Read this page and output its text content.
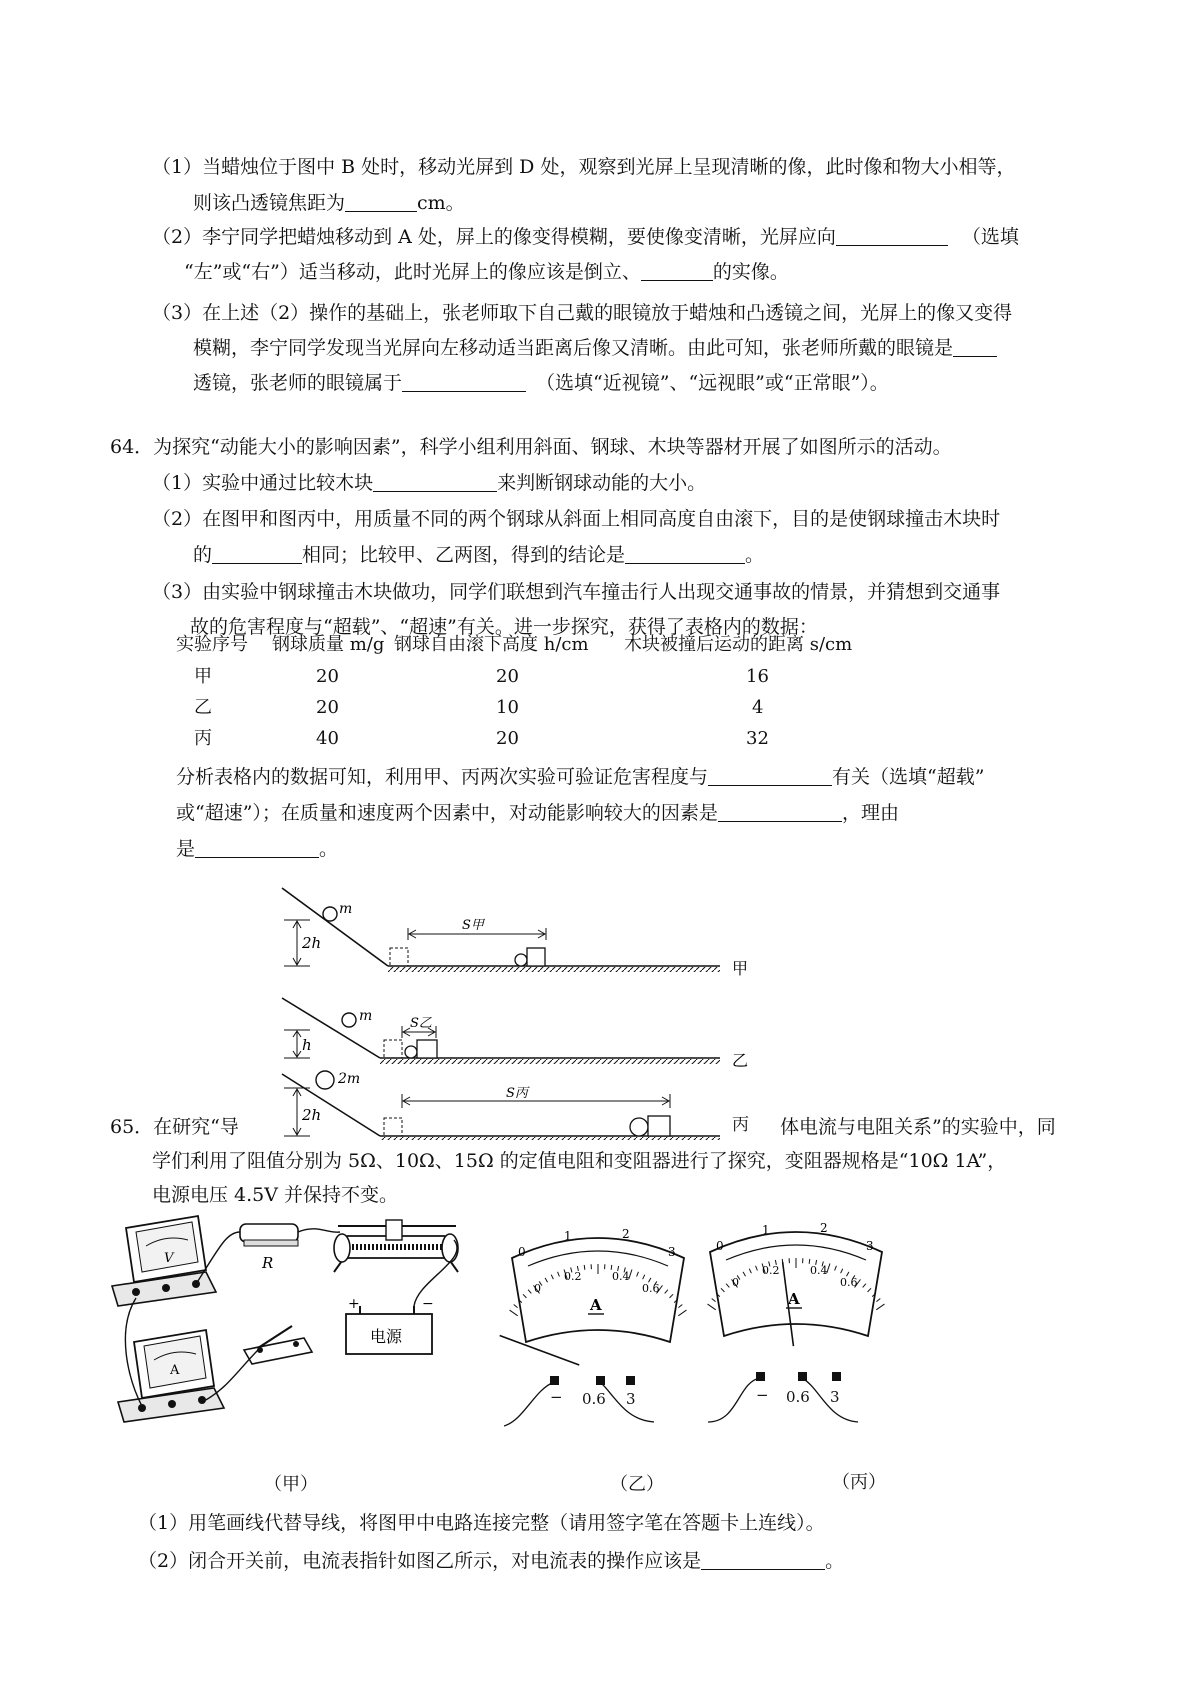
（1）当蜡烛位于图中 B 处时，移动光屏到 D 处，观察到光屏上呈现清晰的像，此时像和物大小相等，
则该凸透镜焦距为	cm。
（2）李宁同学把蜡烛移动到 A 处，屏上的像变得模糊，要使像变清晰，光屏应向	（选填
“左”或“右”）适当移动，此时光屏上的像应该是倒立、	的实像。
（3）在上述（2）操作的基础上，张老师取下自己戴的眼镜放于蜡烛和凸透镜之间，光屏上的像又变得
模糊，李宁同学发现当光屏向左移动适当距离后像又清晰。由此可知，张老师所戴的眼镜是
透镜，张老师的眼镜属于	（选填“近视镜”、“远视眼”或“正常眼”）。
64．为探究“动能大小的影响因素”，科学小组利用斜面、钢球、木块等器材开展了如图所示的活动。
（1）实验中通过比较木块	来判断钢球动能的大小。
（2）在图甲和图丙中，用质量不同的两个钢球从斜面上相同高度自由滚下，目的是使钢球撞击木块时
的	相同；比较甲、乙两图，得到的结论是	。
（3）由实验中钢球撞击木块做功，同学们联想到汽车撞击行人出现交通事故的情景，并猜想到交通事
故的危害程度与“超载”、“超速”有关。进一步探究，获得了表格内的数据：
实验序号 钢球质量 m/g 钢球自由滚下高度 h/cm 木块被撞后运动的距离 s/cm
甲	20	20	16
乙	20	10	4
丙	40	20	32
分析表格内的数据可知，利用甲、丙两次实验可验证危害程度与	有关（选填“超载”
或“超速”）；在质量和速度两个因素中，对动能影响较大的因素是	，理由
是	。
2h
m
S甲
甲
h
m	S乙
乙
2h
2m
S丙
丙
65．在研究“导	体电流与电阻关系”的实验中，同
学们利用了阻值分别为 5Ω、10Ω、15Ω 的定值电阻和变阻器进行了探究，变阻器规格是“10Ω 1A”，
电源电压 4.5V 并保持不变。
V
A
R
+	−
电源
0
1	2
3
0
0.2	0.4
0.6
A
− 0.6 3
0
1	2
3
0
0.2	0.4
0.6
A
− 0.6 3
（甲）	（乙）	（丙）
（1）用笔画线代替导线，将图甲中电路连接完整（请用签字笔在答题卡上连线）。
（2）闭合开关前，电流表指针如图乙所示，对电流表的操作应该是	。
